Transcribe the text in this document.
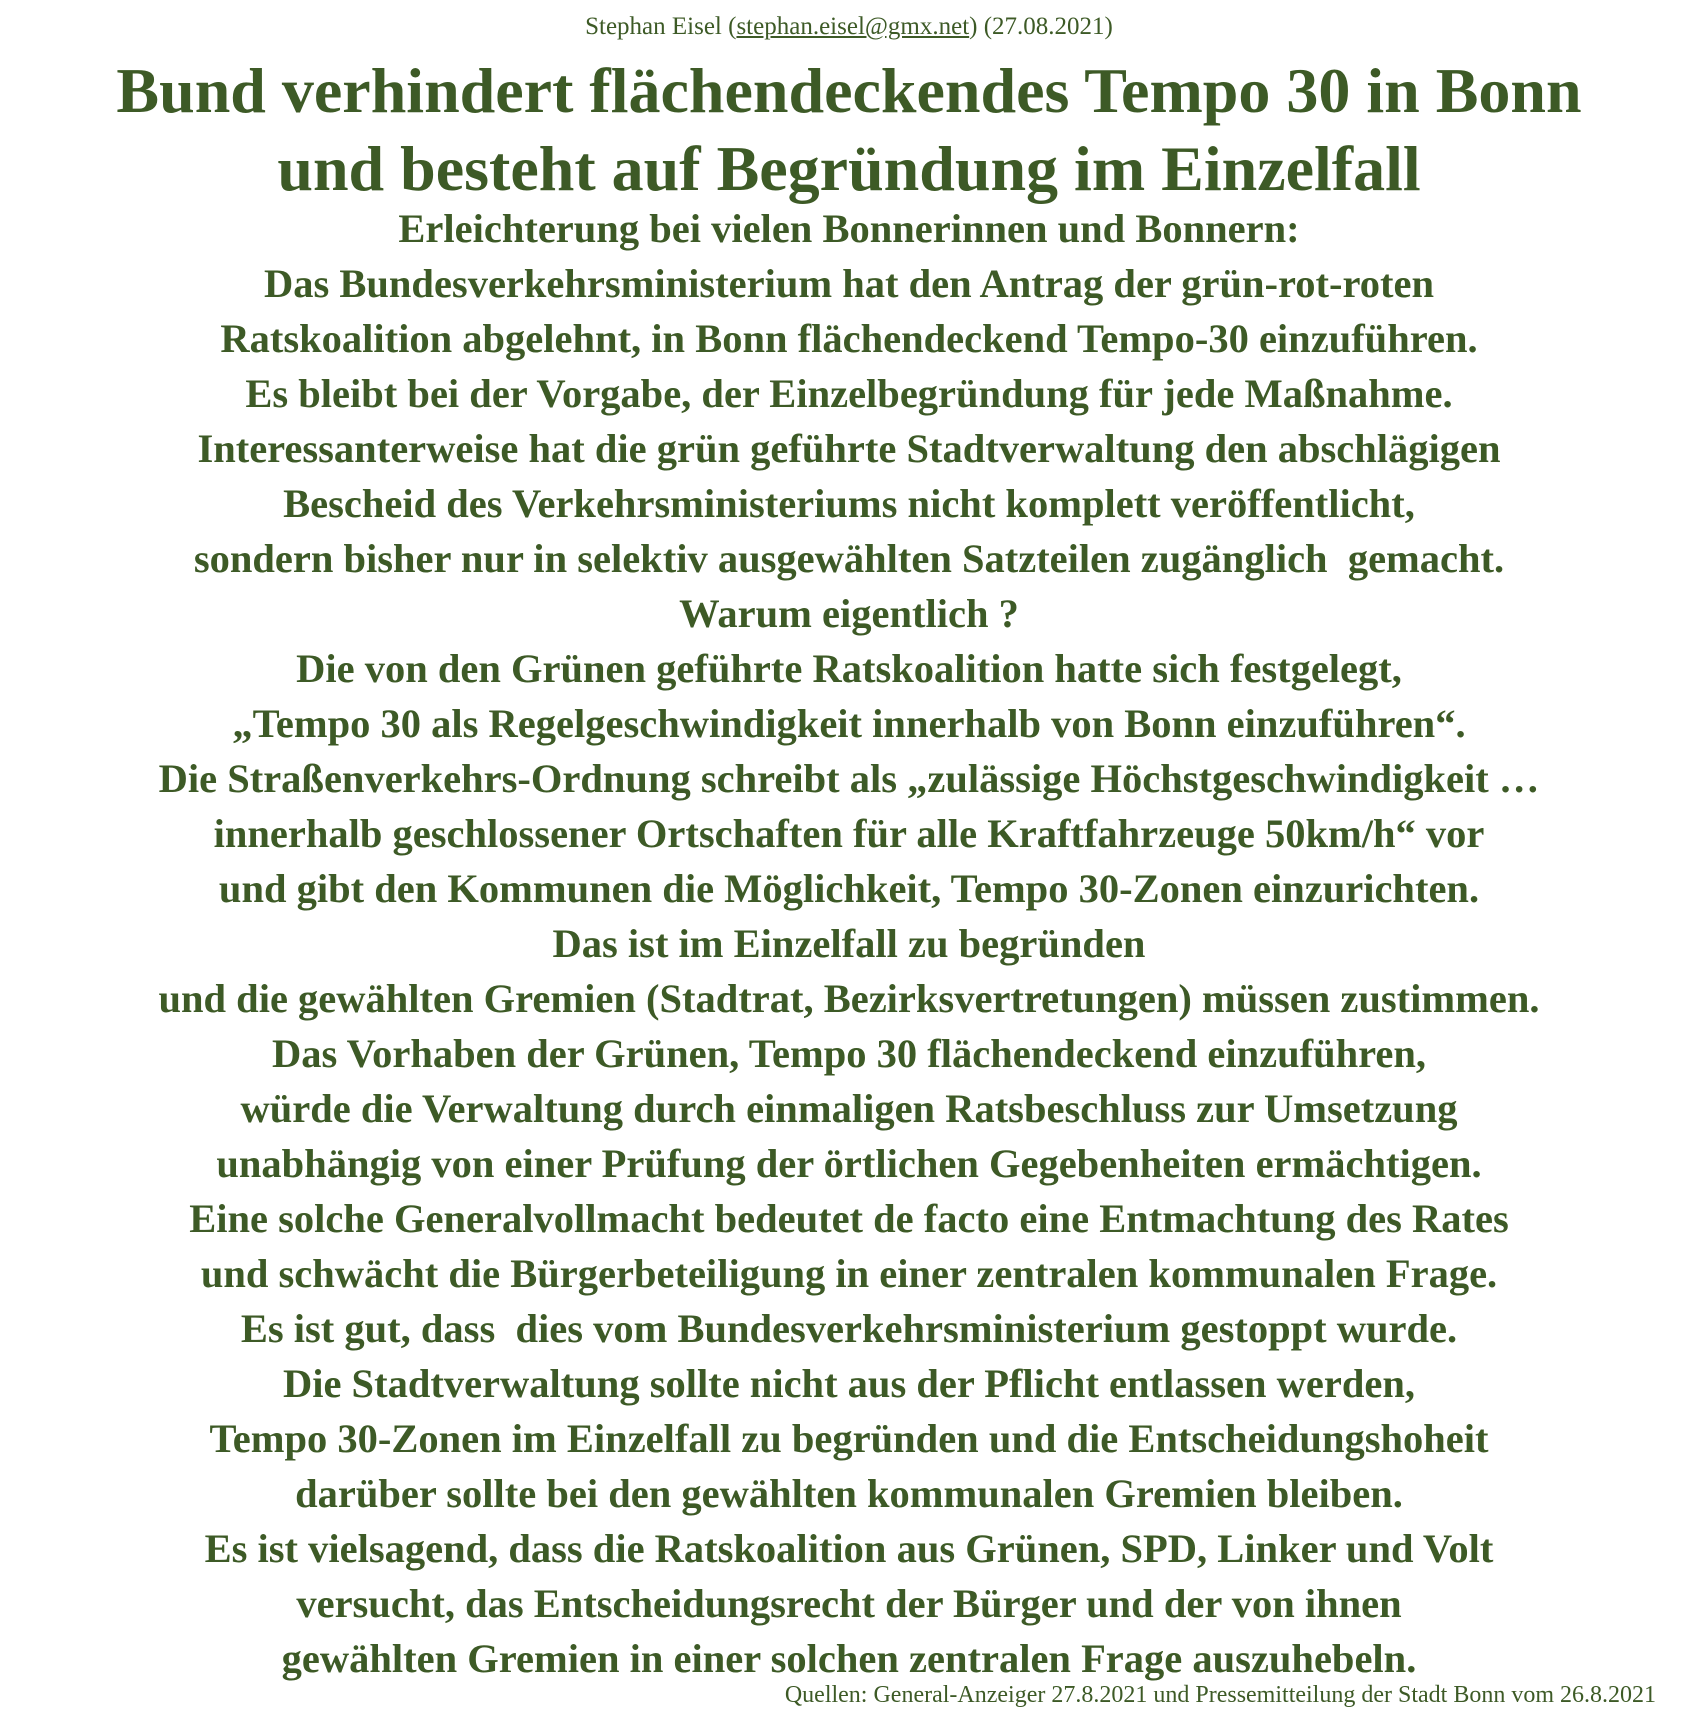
Stephan Eisel (stephan.eisel@gmx.net) (27.08.2021)
Bund verhindert flächendeckendes Tempo 30 in Bonn
und besteht auf Begründung im Einzelfall
Erleichterung bei vielen Bonnerinnen und Bonnern:
Das Bundesverkehrsministerium hat den Antrag der grün-rot-roten
Ratskoalition abgelehnt, in Bonn flächendeckend Tempo-30 einzuführen.
Es bleibt bei der Vorgabe, der Einzelbegründung für jede Maßnahme.
Interessanterweise hat die grün geführte Stadtverwaltung den abschlägigen
Bescheid des Verkehrsministeriums nicht komplett veröffentlicht,
sondern bisher nur in selektiv ausgewählten Satzteilen zugänglich  gemacht.
Warum eigentlich ?
Die von den Grünen geführte Ratskoalition hatte sich festgelegt,
„Tempo 30 als Regelgeschwindigkeit innerhalb von Bonn einzuführen“.
Die Straßenverkehrs-Ordnung schreibt als „zulässige Höchstgeschwindigkeit …
innerhalb geschlossener Ortschaften für alle Kraftfahrzeuge 50km/h“ vor
und gibt den Kommunen die Möglichkeit, Tempo 30-Zonen einzurichten.
Das ist im Einzelfall zu begründen
und die gewählten Gremien (Stadtrat, Bezirksvertretungen) müssen zustimmen.
Das Vorhaben der Grünen, Tempo 30 flächendeckend einzuführen,
würde die Verwaltung durch einmaligen Ratsbeschluss zur Umsetzung
unabhängig von einer Prüfung der örtlichen Gegebenheiten ermächtigen.
Eine solche Generalvollmacht bedeutet de facto eine Entmachtung des Rates
und schwächt die Bürgerbeteiligung in einer zentralen kommunalen Frage.
Es ist gut, dass  dies vom Bundesverkehrsministerium gestoppt wurde.
Die Stadtverwaltung sollte nicht aus der Pflicht entlassen werden,
Tempo 30-Zonen im Einzelfall zu begründen und die Entscheidungshoheit
darüber sollte bei den gewählten kommunalen Gremien bleiben.
Es ist vielsagend, dass die Ratskoalition aus Grünen, SPD, Linker und Volt
versucht, das Entscheidungsrecht der Bürger und der von ihnen
gewählten Gremien in einer solchen zentralen Frage auszuhebeln.
Quellen: General-Anzeiger 27.8.2021 und Pressemitteilung der Stadt Bonn vom 26.8.2021
